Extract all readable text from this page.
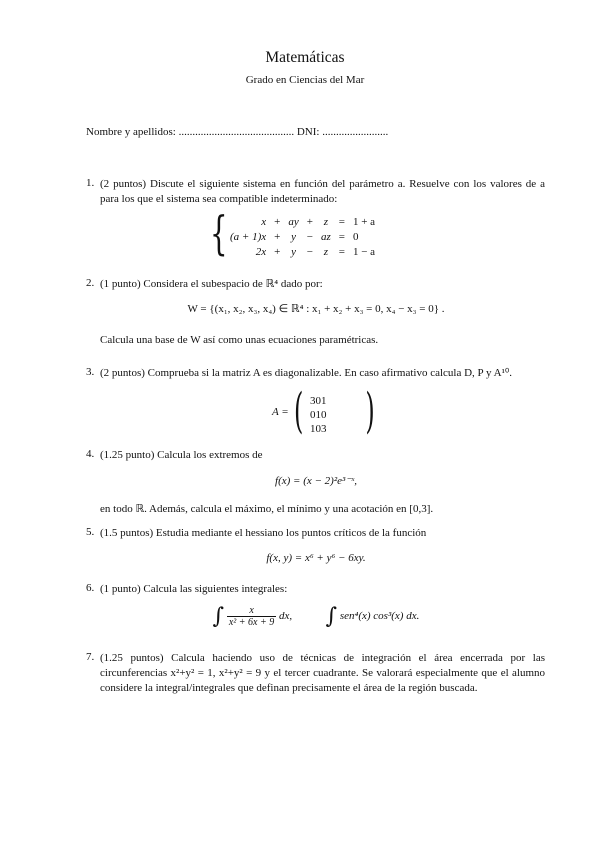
Matemáticas
Grado en Ciencias del Mar
Nombre y apellidos: .......................................... DNI: ........................
1. (2 puntos) Discute el siguiente sistema en función del parámetro a. Resuelve con los valores de a para los que el sistema sea compatible indeterminado:
{	x	+	ay	+	z	=	1 + a
(a + 1)x	+	y	−	az	=	0
2x	+	y	−	z	=	1 − a
2. (1 punto) Considera el subespacio de ℝ⁴ dado por:
W = {(x₁, x₂, x₃, x₄) ∈ ℝ⁴ : x₁ + x₂ + x₃ = 0, x₄ − x₃ = 0} .
Calcula una base de W así como unas ecuaciones paramétricas.
3. (2 puntos) Comprueba si la matriz A es diagonalizable. En caso afirmativo calcula D, P y A¹⁰.
A = ( 3	0	1
0	1	0
1	0	3 )
4. (1.25 punto) Calcula los extremos de
f(x) = (x − 2)²e³⁻ˣ,
en todo ℝ. Además, calcula el máximo, el mínimo y una acotación en [0,3].
5. (1.5 puntos) Estudia mediante el hessiano los puntos críticos de la función
f(x, y) = x⁶ + y⁶ − 6xy.
6. (1 punto) Calcula las siguientes integrales:
∫ $\frac{x}{\text{x² + 6x + 9}}$ dx, ∫ sen⁴(x) cos³(x) dx.
7. (1.25 puntos) Calcula haciendo uso de técnicas de integración el área encerrada por las circunferencias x²+y² = 1, x²+y² = 9 y el tercer cuadrante. Se valorará especialmente que el alumno considere la integral/integrales que definan precisamente el área de la región buscada.
